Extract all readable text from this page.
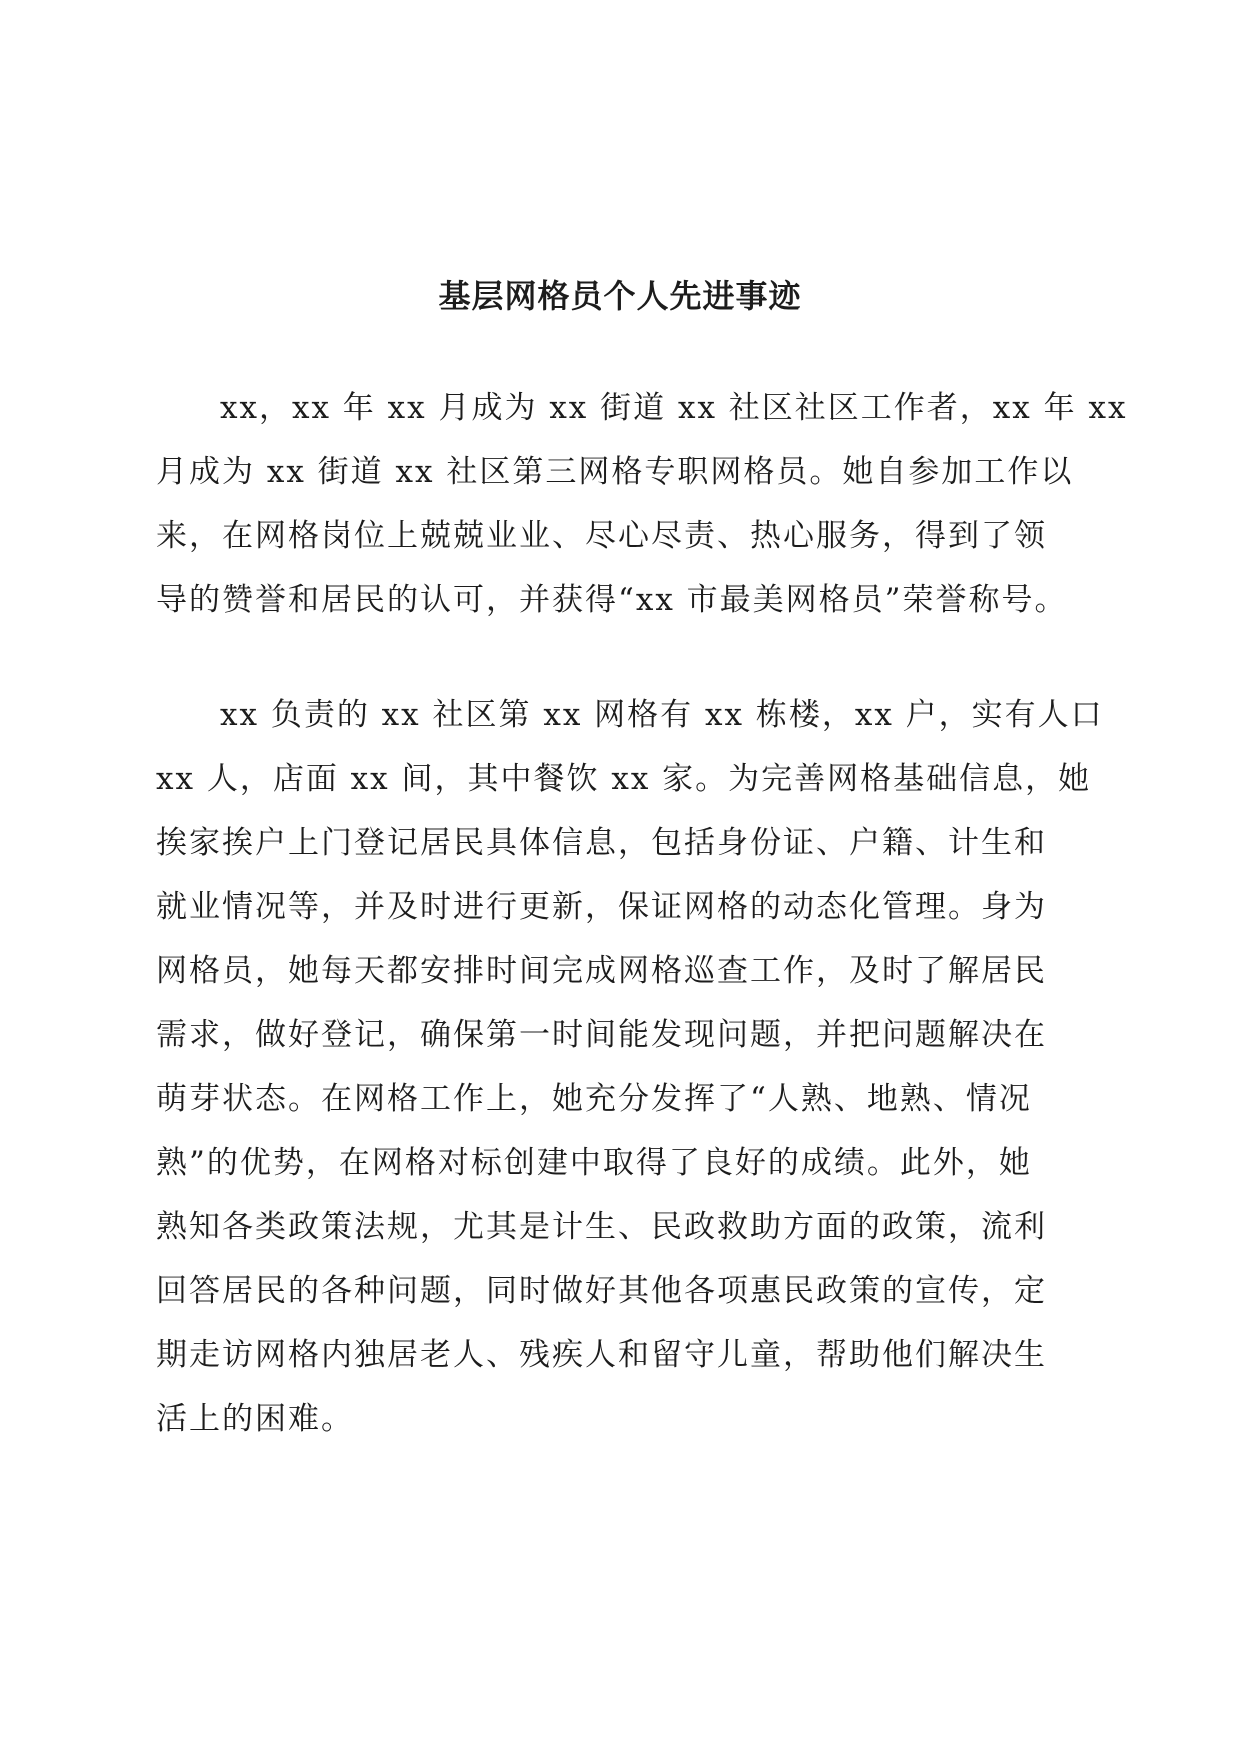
基层网格员个人先进事迹

xx，xx 年 xx 月成为 xx 街道 xx 社区社区工作者，xx 年 xx
月成为 xx 街道 xx 社区第三网格专职网格员。她自参加工作以
来，在网格岗位上兢兢业业、尽心尽责、热心服务，得到了领
导的赞誉和居民的认可，并获得“xx 市最美网格员”荣誉称号。

xx 负责的 xx 社区第 xx 网格有 xx 栋楼，xx 户，实有人口
xx 人，店面 xx 间，其中餐饮 xx 家。为完善网格基础信息，她
挨家挨户上门登记居民具体信息，包括身份证、户籍、计生和
就业情况等，并及时进行更新，保证网格的动态化管理。身为
网格员，她每天都安排时间完成网格巡查工作，及时了解居民
需求，做好登记，确保第一时间能发现问题，并把问题解决在
萌芽状态。在网格工作上，她充分发挥了“人熟、地熟、情况
熟”的优势，在网格对标创建中取得了良好的成绩。此外，她
熟知各类政策法规，尤其是计生、民政救助方面的政策，流利
回答居民的各种问题，同时做好其他各项惠民政策的宣传，定
期走访网格内独居老人、残疾人和留守儿童，帮助他们解决生
活上的困难。
